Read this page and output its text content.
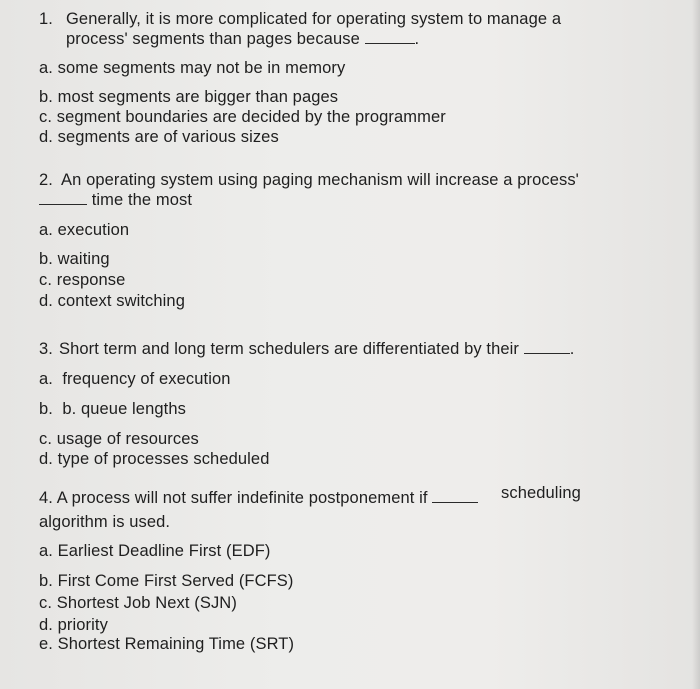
1. Generally, it is more complicated for operating system to manage a
process' segments than pages because	.
a. some segments may not be in memory
b. most segments are bigger than pages
c. segment boundaries are decided by the programmer
d. segments are of various sizes
2. An operating system using paging mechanism will increase a process'
time the most
a. execution
b. waiting
c. response
d. context switching
3. Short term and long term schedulers are differentiated by their	.
a.  frequency of execution
b.  b. queue lengths
c. usage of resources
d. type of processes scheduled
4. A process will not suffer indefinite postponement if	scheduling
algorithm is used.
a. Earliest Deadline First (EDF)
b. First Come First Served (FCFS)
c. Shortest Job Next (SJN)
d. priority
e. Shortest Remaining Time (SRT)
